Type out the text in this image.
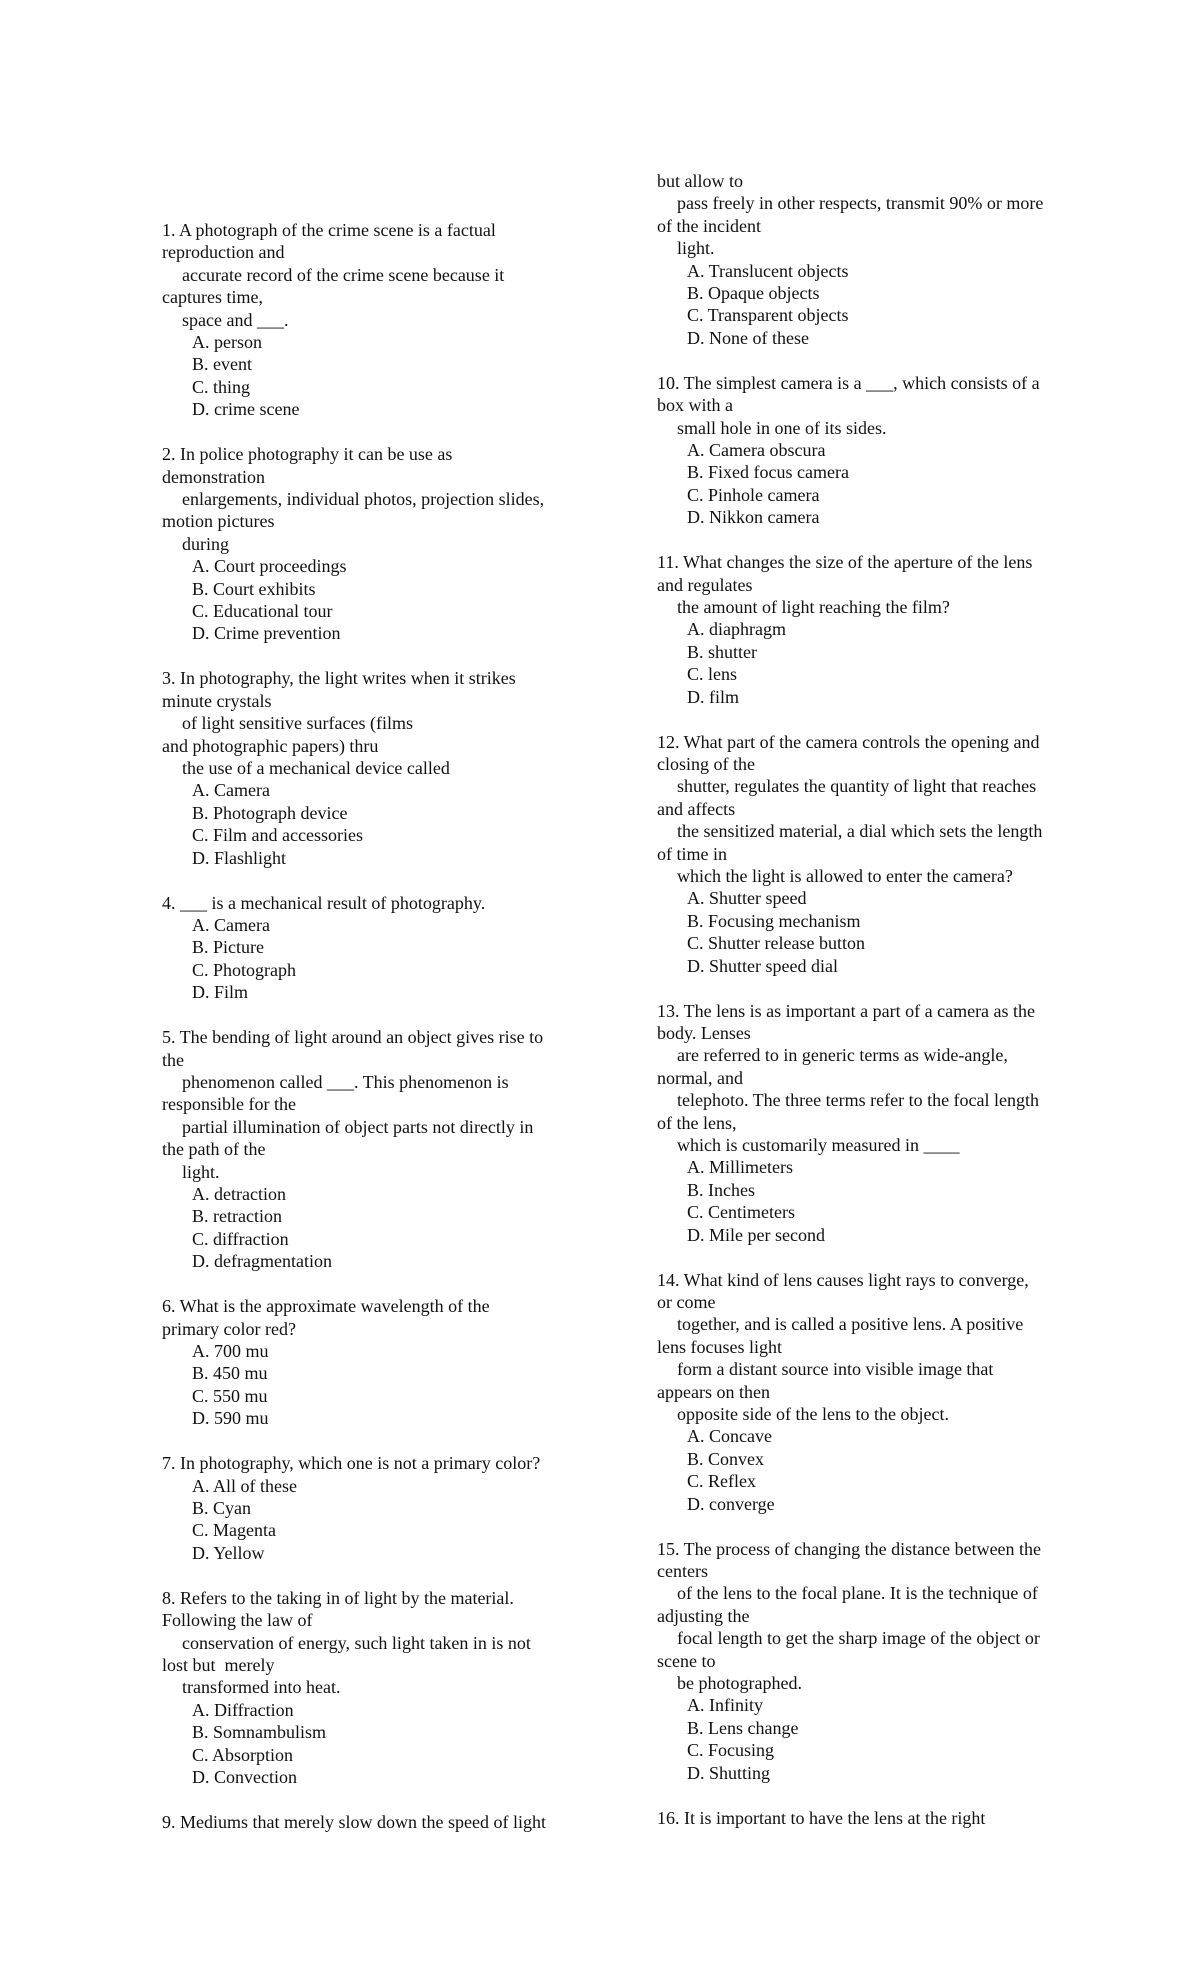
1. A photograph of the crime scene is a factual
reproduction and
accurate record of the crime scene because it
captures time,
space and ___.
A. person
B. event
C. thing
D. crime scene
2. In police photography it can be use as
demonstration
enlargements, individual photos, projection slides,
motion pictures
during
A. Court proceedings
B. Court exhibits
C. Educational tour
D. Crime prevention
3. In photography, the light writes when it strikes
minute crystals
of light sensitive surfaces (films
and photographic papers) thru
the use of a mechanical device called
A. Camera
B. Photograph device
C. Film and accessories
D. Flashlight
4. ___ is a mechanical result of photography.
A. Camera
B. Picture
C. Photograph
D. Film
5. The bending of light around an object gives rise to
the
phenomenon called ___. This phenomenon is
responsible for the
partial illumination of object parts not directly in
the path of the
light.
A. detraction
B. retraction
C. diffraction
D. defragmentation
6. What is the approximate wavelength of the
primary color red?
A. 700 mu
B. 450 mu
C. 550 mu
D. 590 mu
7. In photography, which one is not a primary color?
A. All of these
B. Cyan
C. Magenta
D. Yellow
8. Refers to the taking in of light by the material.
Following the law of
conservation of energy, such light taken in is not
lost but  merely
transformed into heat.
A. Diffraction
B. Somnambulism
C. Absorption
D. Convection
9. Mediums that merely slow down the speed of light
but allow to
pass freely in other respects, transmit 90% or more
of the incident
light.
A. Translucent objects
B. Opaque objects
C. Transparent objects
D. None of these
10. The simplest camera is a ___, which consists of a
box with a
small hole in one of its sides.
A. Camera obscura
B. Fixed focus camera
C. Pinhole camera
D. Nikkon camera
11. What changes the size of the aperture of the lens
and regulates
the amount of light reaching the film?
A. diaphragm
B. shutter
C. lens
D. film
12. What part of the camera controls the opening and
closing of the
shutter, regulates the quantity of light that reaches
and affects
the sensitized material, a dial which sets the length
of time in
which the light is allowed to enter the camera?
A. Shutter speed
B. Focusing mechanism
C. Shutter release button
D. Shutter speed dial
13. The lens is as important a part of a camera as the
body. Lenses
are referred to in generic terms as wide-angle,
normal, and
telephoto. The three terms refer to the focal length
of the lens,
which is customarily measured in ____
A. Millimeters
B. Inches
C. Centimeters
D. Mile per second
14. What kind of lens causes light rays to converge,
or come
together, and is called a positive lens. A positive
lens focuses light
form a distant source into visible image that
appears on then
opposite side of the lens to the object.
A. Concave
B. Convex
C. Reflex
D. converge
15. The process of changing the distance between the
centers
of the lens to the focal plane. It is the technique of
adjusting the
focal length to get the sharp image of the object or
scene to
be photographed.
A. Infinity
B. Lens change
C. Focusing
D. Shutting
16. It is important to have the lens at the right
